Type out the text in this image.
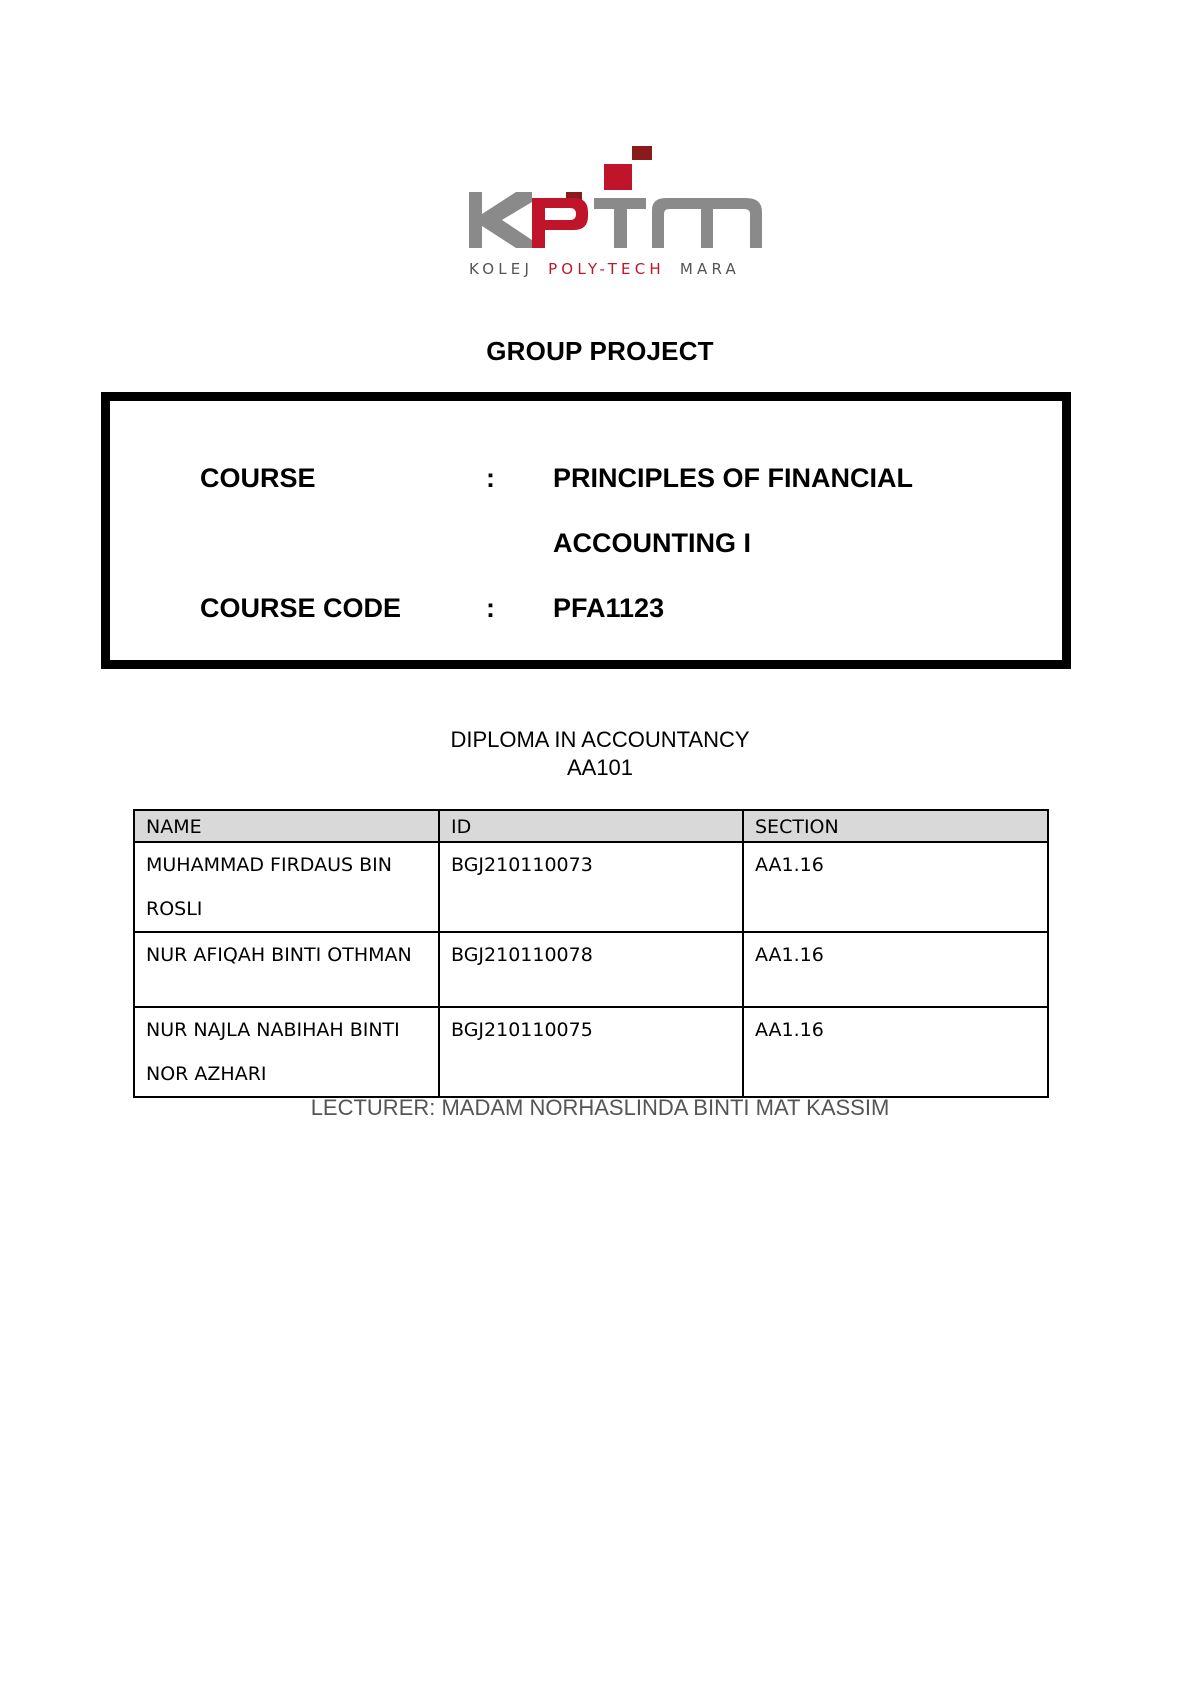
KOLEJ POLY-TECH MARA
GROUP PROJECT
COURSE	: PRINCIPLES OF FINANCIAL
ACCOUNTING I
COURSE CODE	: PFA1123
DIPLOMA IN ACCOUNTANCY
AA101
NAME	ID	SECTION
MUHAMMAD FIRDAUS BIN ROSLI	BGJ210110073	AA1.16
NUR AFIQAH BINTI OTHMAN	BGJ210110078	AA1.16
NUR NAJLA NABIHAH BINTI NOR AZHARI	BGJ210110075	AA1.16
LECTURER: MADAM NORHASLINDA BINTI MAT KASSIM
